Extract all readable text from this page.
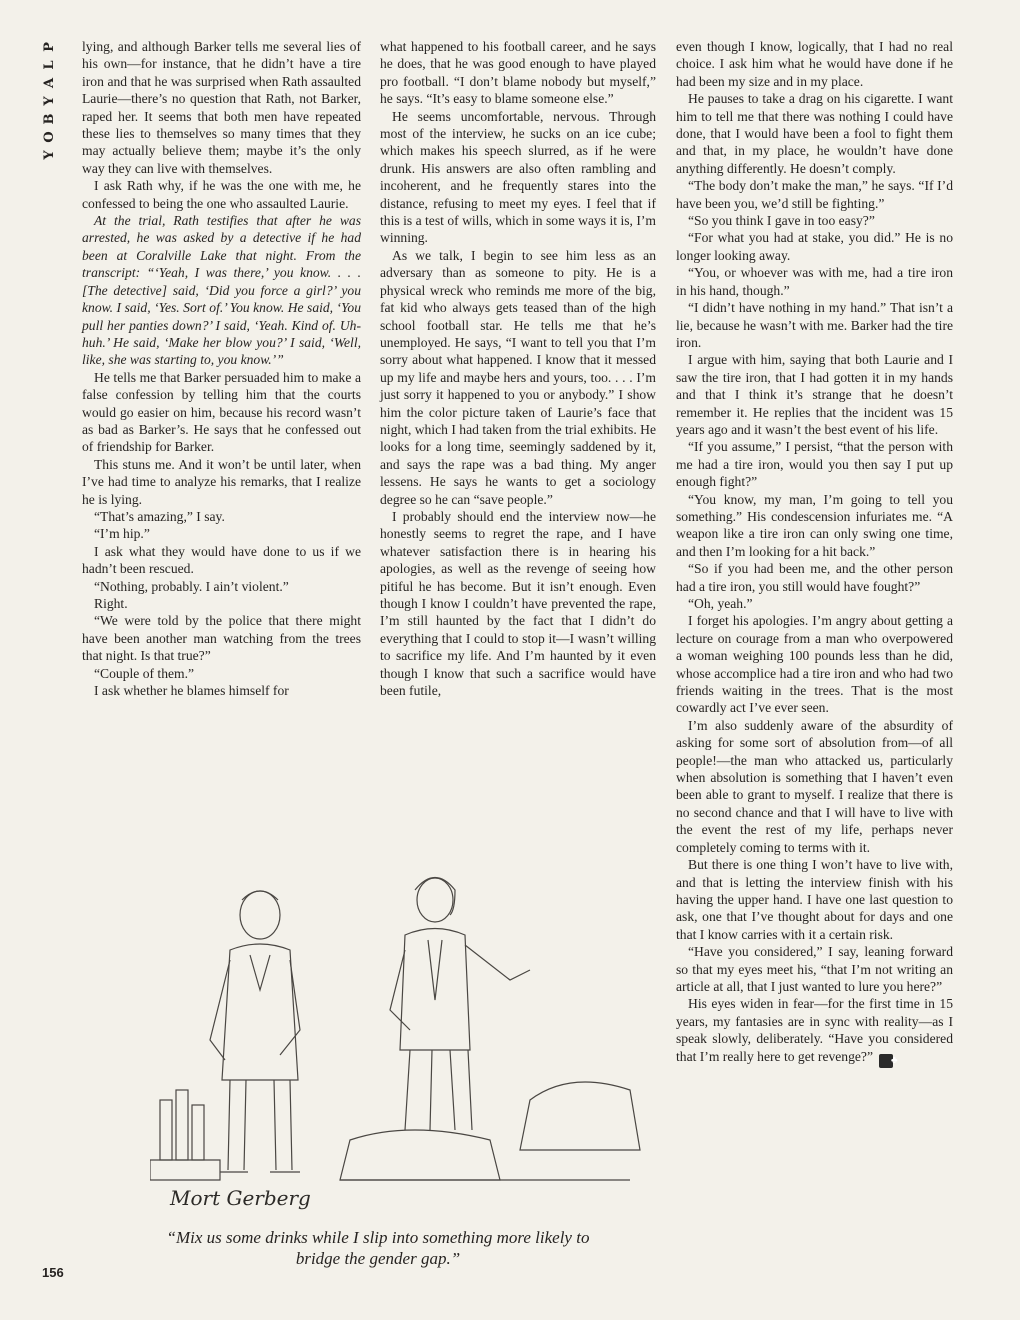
P
L
A
Y
B
O
Y

lying, and although Barker tells me several lies of his own—for instance, that he didn’t have a tire iron and that he was surprised when Rath assaulted Laurie—there’s no question that Rath, not Barker, raped her. It seems that both men have repeated these lies to themselves so many times that they may actually believe them; maybe it’s the only way they can live with themselves.

I ask Rath why, if he was the one with me, he confessed to being the one who assaulted Laurie.

At the trial, Rath testifies that after he was arrested, he was asked by a detective if he had been at Coralville Lake that night. From the transcript: “‘Yeah, I was there,’ you know. . . . [The detective] said, ‘Did you force a girl?’ you know. I said, ‘Yes. Sort of.’ You know. He said, ‘You pull her panties down?’ I said, ‘Yeah. Kind of. Uh-huh.’ He said, ‘Make her blow you?’ I said, ‘Well, like, she was starting to, you know.’”

He tells me that Barker persuaded him to make a false confession by telling him that the courts would go easier on him, because his record wasn’t as bad as Barker’s. He says that he confessed out of friendship for Barker.

This stuns me. And it won’t be until later, when I’ve had time to analyze his remarks, that I realize he is lying.

“That’s amazing,” I say.

“I’m hip.”

I ask what they would have done to us if we hadn’t been rescued.

“Nothing, probably. I ain’t violent.”

Right.

“We were told by the police that there might have been another man watching from the trees that night. Is that true?”

“Couple of them.”

I ask whether he blames himself for

what happened to his football career, and he says he does, that he was good enough to have played pro football. “I don’t blame nobody but myself,” he says. “It’s easy to blame someone else.”

He seems uncomfortable, nervous. Through most of the interview, he sucks on an ice cube; which makes his speech slurred, as if he were drunk. His answers are also often rambling and incoherent, and he frequently stares into the distance, refusing to meet my eyes. I feel that if this is a test of wills, which in some ways it is, I’m winning.

As we talk, I begin to see him less as an adversary than as someone to pity. He is a physical wreck who reminds me more of the big, fat kid who always gets teased than of the high school football star. He tells me that he’s unemployed. He says, “I want to tell you that I’m sorry about what happened. I know that it messed up my life and maybe hers and yours, too. . . . I’m just sorry it happened to you or anybody.” I show him the color picture taken of Laurie’s face that night, which I had taken from the trial exhibits. He looks for a long time, seemingly saddened by it, and says the rape was a bad thing. My anger lessens. He says he wants to get a sociology degree so he can “save people.”

I probably should end the interview now—he honestly seems to regret the rape, and I have whatever satisfaction there is in hearing his apologies, as well as the revenge of seeing how pitiful he has become. But it isn’t enough. Even though I know I couldn’t have prevented the rape, I’m still haunted by the fact that I didn’t do everything that I could to stop it—I wasn’t willing to sacrifice my life. And I’m haunted by it even though I know that such a sacrifice would have been futile,

even though I know, logically, that I had no real choice. I ask him what he would have done if he had been my size and in my place.

He pauses to take a drag on his cigarette. I want him to tell me that there was nothing I could have done, that I would have been a fool to fight them and that, in my place, he wouldn’t have done anything differently. He doesn’t comply.

“The body don’t make the man,” he says. “If I’d have been you, we’d still be fighting.”

“So you think I gave in too easy?”

“For what you had at stake, you did.” He is no longer looking away.

“You, or whoever was with me, had a tire iron in his hand, though.”

“I didn’t have nothing in my hand.” That isn’t a lie, because he wasn’t with me. Barker had the tire iron.

I argue with him, saying that both Laurie and I saw the tire iron, that I had gotten it in my hands and that I think it’s strange that he doesn’t remember it. He replies that the incident was 15 years ago and it wasn’t the best event of his life.

“If you assume,” I persist, “that the person with me had a tire iron, would you then say I put up enough fight?”

“You know, my man, I’m going to tell you something.” His condescension infuriates me. “A weapon like a tire iron can only swing one time, and then I’m looking for a hit back.”

“So if you had been me, and the other person had a tire iron, you still would have fought?”

“Oh, yeah.”

I forget his apologies. I’m angry about getting a lecture on courage from a man who overpowered a woman weighing 100 pounds less than he did, whose accomplice had a tire iron and who had two friends waiting in the trees. That is the most cowardly act I’ve ever seen.

I’m also suddenly aware of the absurdity of asking for some sort of absolution from—of all people!—the man who attacked us, particularly when absolution is something that I haven’t even been able to grant to myself. I realize that there is no second chance and that I will have to live with the event the rest of my life, perhaps never completely coming to terms with it.

But there is one thing I won’t have to live with, and that is letting the interview finish with his having the upper hand. I have one last question to ask, one that I’ve thought about for days and one that I know carries with it a certain risk.

“Have you considered,” I say, leaning forward so that my eyes meet his, “that I’m not writing an article at all, that I just wanted to lure you here?”

His eyes widen in fear—for the first time in 15 years, my fantasies are in sync with reality—as I speak slowly, deliberately. “Have you considered that I’m really here to get revenge?” ♣

Mort Gerberg
“Mix us some drinks while I slip into something more likely to bridge the gender gap.”
156
